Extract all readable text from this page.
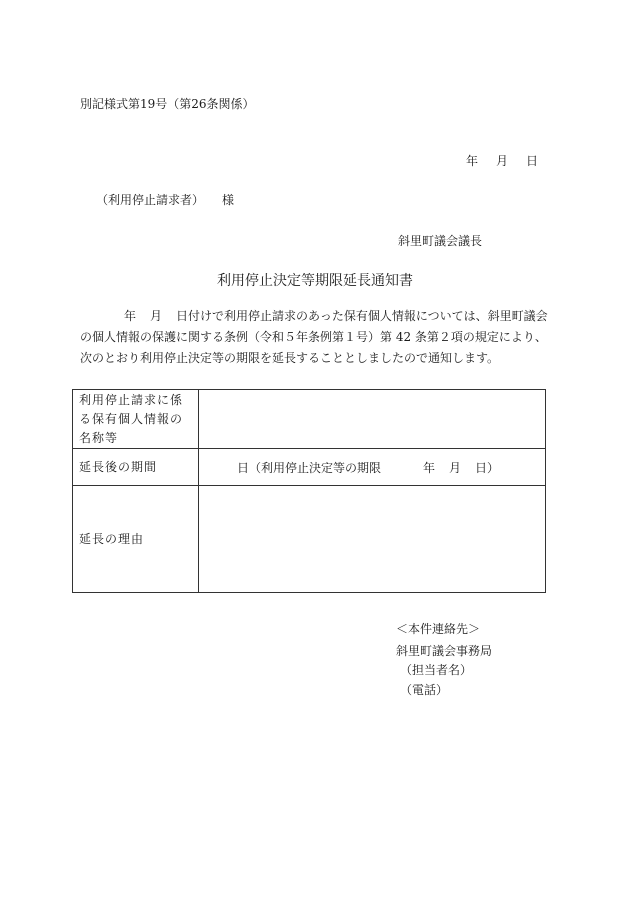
別記様式第19号（第26条関係）
年 月 日
（利用停止請求者） 様
斜里町議会議長
利用停止決定等期限延長通知書
年 月 日付けで利用停止請求のあった保有個人情報については、斜里町議会の個人情報の保護に関する条例（令和５年条例第１号）第 42 条第２項の規定により、次のとおり利用停止決定等の期限を延長することとしましたので通知します。
利用停止請求に係る保有個人情報の名称等	
延長後の期間	日（利用停止決定等の期限 年 月 日）
延長の理由	
＜本件連絡先＞
斜里町議会事務局
（担当者名）
（電話）
